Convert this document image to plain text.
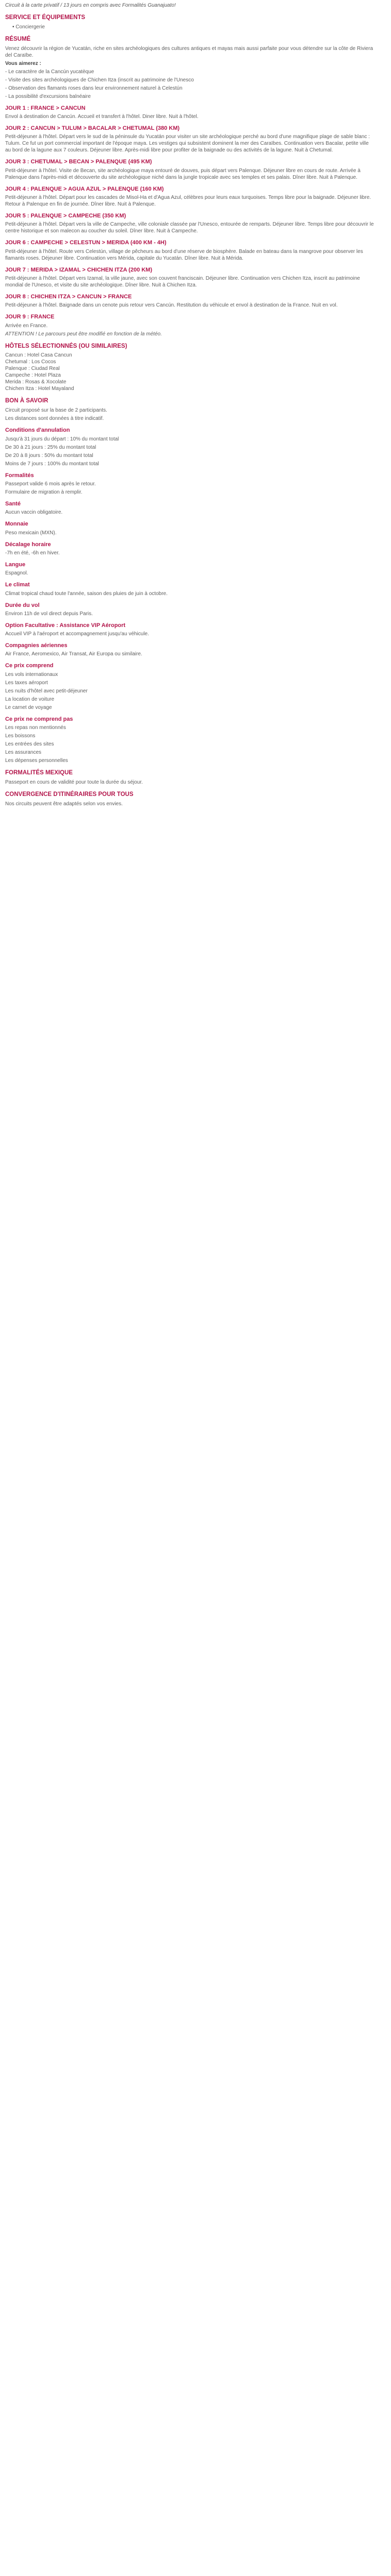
Circuit à la carte privatif / 13 jours en compris avec Formalités Guanajuato!

SERVICE ET ÉQUIPEMENTS
• Conciergerie
RÉSUMÉ

Venez découvrir la région de Yucatán, riche en sites archéologiques des cultures antiques et mayas mais aussi parfaite pour vous détendre sur la côte de Riviera del Caraïbe.

Vous aimerez :

- Le caractère de la Cancún yucatèque

- Visite des sites archéologiques de Chichen Itza (inscrit au patrimoine de l'Unesco

- Observation des flamants roses dans leur environnement naturel à Celestún

- La possibilité d'excursions balnéaire

JOUR 1 : FRANCE > CANCUN

Envol à destination de Cancún. Accueil et transfert à l'hôtel. Diner libre. Nuit à l'hôtel.

JOUR 2 : CANCUN > TULUM > BACALAR > CHETUMAL (380 KM)

Petit-déjeuner à l'hôtel. Départ vers le sud de la péninsule du Yucatán pour visiter un site archéologique perché au bord d'une magnifique plage de sable blanc : Tulum. Ce fut un port commercial important de l'époque maya. Les vestiges qui subsistent dominent la mer des Caraïbes. Continuation vers Bacalar, petite ville au bord de la lagune aux 7 couleurs. Déjeuner libre. Après-midi libre pour profiter de la baignade ou des activités de la lagune. Nuit à Chetumal.

JOUR 3 : CHETUMAL > BECAN > PALENQUE (495 KM)

Petit-déjeuner à l'hôtel. Visite de Becan, site archéologique maya entouré de douves, puis départ vers Palenque. Déjeuner libre en cours de route. Arrivée à Palenque dans l'après-midi et découverte du site archéologique niché dans la jungle tropicale avec ses temples et ses palais. Dîner libre. Nuit à Palenque.

JOUR 4 : PALENQUE > AGUA AZUL > PALENQUE (160 KM)

Petit-déjeuner à l'hôtel. Départ pour les cascades de Misol-Ha et d'Agua Azul, célèbres pour leurs eaux turquoises. Temps libre pour la baignade. Déjeuner libre. Retour à Palenque en fin de journée. Dîner libre. Nuit à Palenque.

JOUR 5 : PALENQUE > CAMPECHE (350 KM)

Petit-déjeuner à l'hôtel. Départ vers la ville de Campeche, ville coloniale classée par l'Unesco, entourée de remparts. Déjeuner libre. Temps libre pour découvrir le centre historique et son malecon au coucher du soleil. Dîner libre. Nuit à Campeche.

JOUR 6 : CAMPECHE > CELESTUN > MERIDA (400 KM - 4H)

Petit-déjeuner à l'hôtel. Route vers Celestún, village de pêcheurs au bord d'une réserve de biosphère. Balade en bateau dans la mangrove pour observer les flamants roses. Déjeuner libre. Continuation vers Mérida, capitale du Yucatán. Dîner libre. Nuit à Mérida.

JOUR 7 : MERIDA > IZAMAL > CHICHEN ITZA (200 KM)

Petit-déjeuner à l'hôtel. Départ vers Izamal, la ville jaune, avec son couvent franciscain. Déjeuner libre. Continuation vers Chichen Itza, inscrit au patrimoine mondial de l'Unesco, et visite du site archéologique. Dîner libre. Nuit à Chichen Itza.

JOUR 8 : CHICHEN ITZA > CANCUN > FRANCE

Petit-déjeuner à l'hôtel. Baignade dans un cenote puis retour vers Cancún. Restitution du véhicule et envol à destination de la France. Nuit en vol.

JOUR 9 : FRANCE

Arrivée en France.

ATTENTION ! Le parcours peut être modifié en fonction de la météo.

HÔTELS SÉLECTIONNÉS (OU SIMILAIRES)
Cancun : Hotel Casa Cancun
Chetumal : Los Cocos
Palenque : Ciudad Real
Campeche : Hotel Plaza
Merida : Rosas & Xocolate
Chichen Itza : Hotel Mayaland
BON À SAVOIR

Circuit proposé sur la base de 2 participants.

Les distances sont données à titre indicatif.

Conditions d'annulation

Jusqu'à 31 jours du départ : 10% du montant total

De 30 à 21 jours : 25% du montant total

De 20 à 8 jours : 50% du montant total

Moins de 7 jours : 100% du montant total

Formalités

Passeport valide 6 mois après le retour.

Formulaire de migration à remplir.

Santé

Aucun vaccin obligatoire.

Monnaie

Peso mexicain (MXN).

Décalage horaire

-7h en été, -6h en hiver.

Langue

Espagnol.

Le climat

Climat tropical chaud toute l'année, saison des pluies de juin à octobre.

Durée du vol

Environ 11h de vol direct depuis Paris.

Option Facultative : Assistance VIP Aéroport

Accueil VIP à l'aéroport et accompagnement jusqu'au véhicule.

Compagnies aériennes

Air France, Aeromexico, Air Transat, Air Europa ou similaire.

Ce prix comprend

Les vols internationaux

Les taxes aéroport

Les nuits d'hôtel avec petit-déjeuner

La location de voiture

Le carnet de voyage

Ce prix ne comprend pas

Les repas non mentionnés

Les boissons

Les entrées des sites

Les assurances

Les dépenses personnelles

FORMALITÉS MEXIQUE

Passeport en cours de validité pour toute la durée du séjour.

CONVERGENCE D'ITINÉRAIRES POUR TOUS

Nos circuits peuvent être adaptés selon vos envies.
